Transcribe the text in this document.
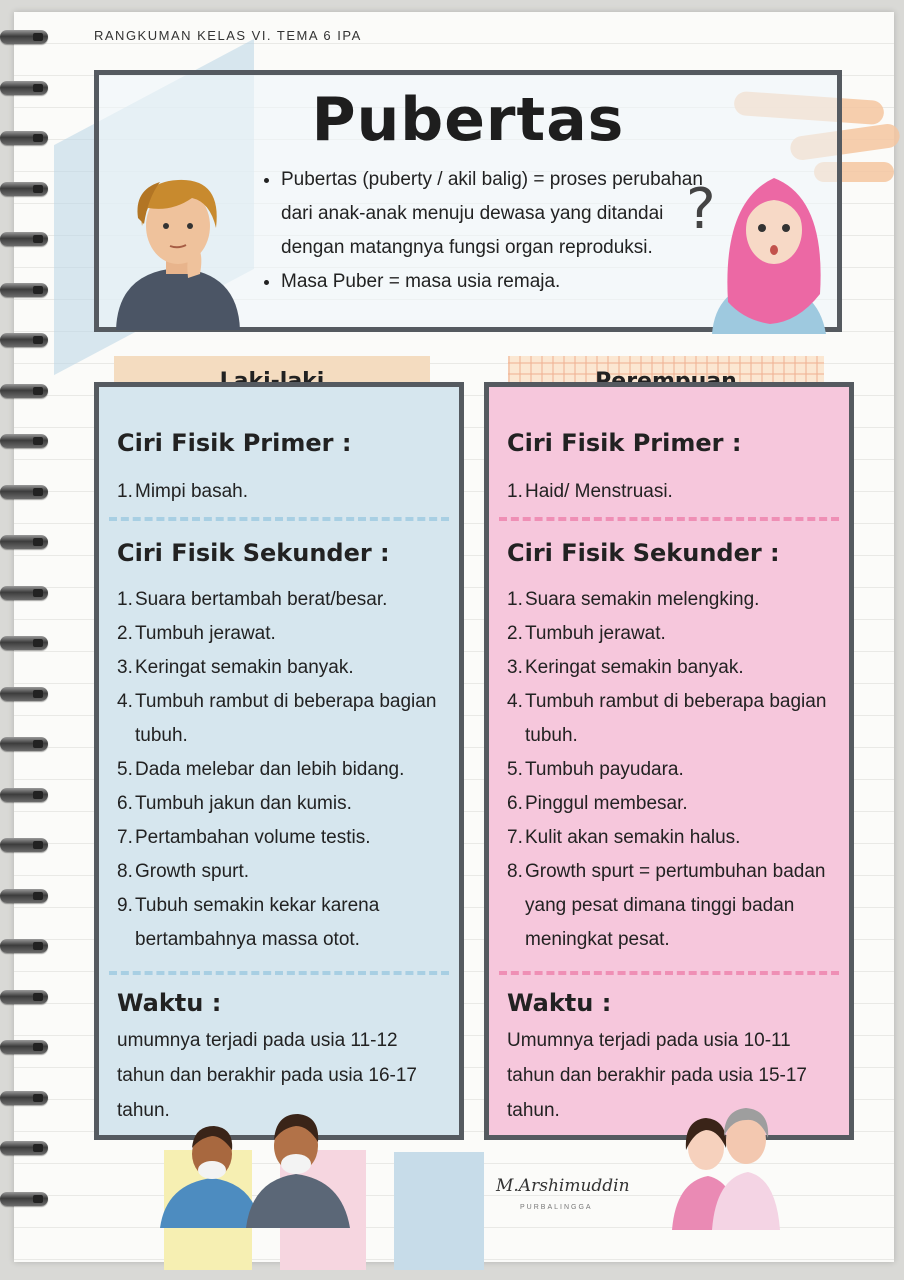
RANGKUMAN KELAS VI. TEMA 6 IPA
Pubertas
• Pubertas (puberty / akil balig) = proses perubahan dari anak-anak menuju dewasa yang ditandai dengan matangnya fungsi organ reproduksi.
• Masa Puber = masa usia remaja.
?
Ciri Fisik Primer :
1. Mimpi basah.
Ciri Fisik Sekunder :
1. Suara bertambah berat/besar.
2. Tumbuh jerawat.
3. Keringat semakin banyak.
4. Tumbuh rambut di beberapa bagian tubuh.
5. Dada melebar dan lebih bidang.
6. Tumbuh jakun dan kumis.
7. Pertambahan volume testis.
8. Growth spurt.
9. Tubuh semakin kekar karena bertambahnya massa otot.
Waktu :

umumnya terjadi pada usia 11-12 tahun dan berakhir pada usia 16-17 tahun.

Ciri Fisik Primer :
1. Haid/ Menstruasi.
Ciri Fisik Sekunder :
1. Suara semakin melengking.
2. Tumbuh jerawat.
3. Keringat semakin banyak.
4. Tumbuh rambut di beberapa bagian tubuh.
5. Tumbuh payudara.
6. Pinggul membesar.
7. Kulit akan semakin halus.
8. Growth spurt = pertumbuhan badan yang pesat dimana tinggi badan meningkat pesat.
Waktu :

Umumnya terjadi pada usia 10-11 tahun dan berakhir pada usia 15-17 tahun.

M.Arshimuddin
PURBALINGGA
